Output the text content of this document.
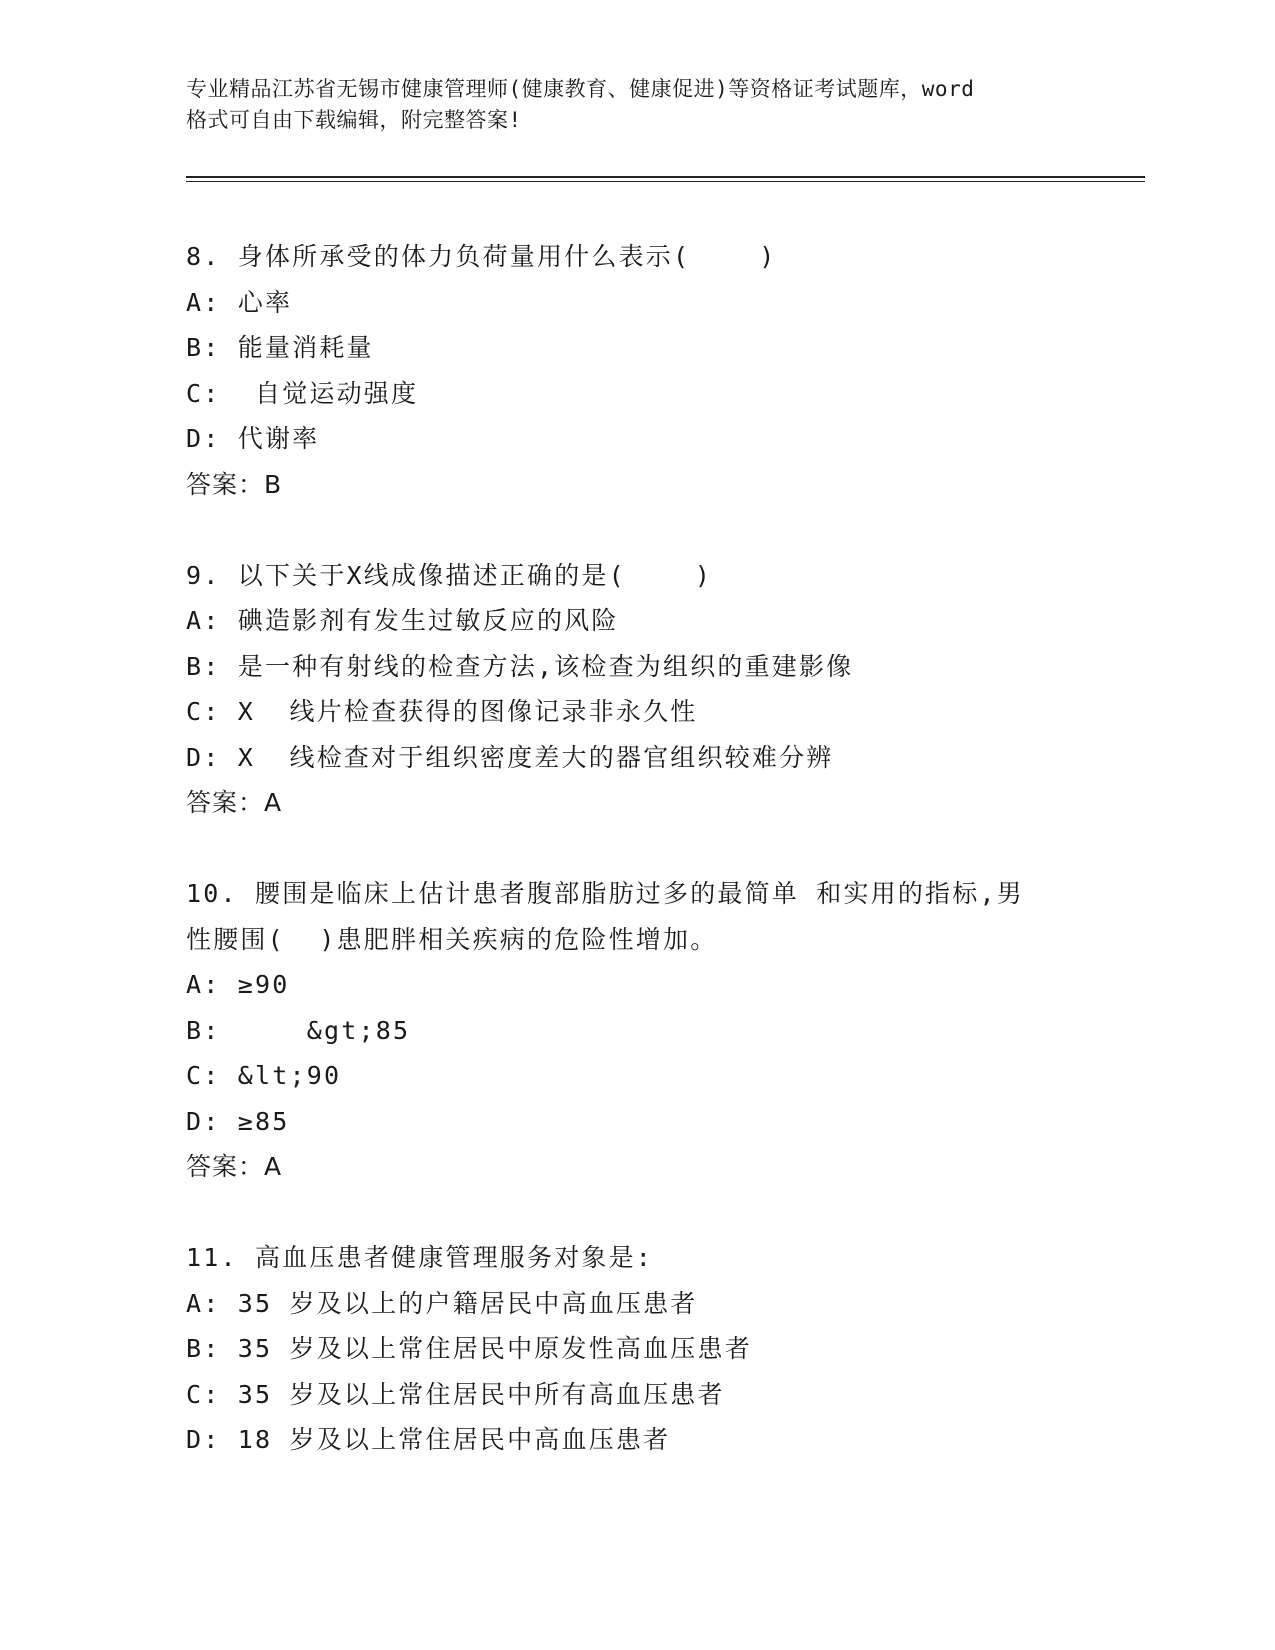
专业精品江苏省无锡市健康管理师(健康教育、健康促进)等资格证考试题库，word
格式可自由下载编辑，附完整答案!
8. 身体所承受的体力负荷量用什么表示(    )
A: 心率
B: 能量消耗量
C:  自觉运动强度
D: 代谢率
答案：B
9. 以下关于X线成像描述正确的是(    )
A: 碘造影剂有发生过敏反应的风险
B: 是一种有射线的检查方法,该检查为组织的重建影像
C: X  线片检查获得的图像记录非永久性
D: X  线检查对于组织密度差大的器官组织较难分辨
答案：A
10. 腰围是临床上估计患者腹部脂肪过多的最简单 和实用的指标,男
性腰围(  )患肥胖相关疾病的危险性增加。
A: ≥90
B:     &gt;85
C: &lt;90
D: ≥85
答案：A
11. 高血压患者健康管理服务对象是:
A: 35 岁及以上的户籍居民中高血压患者
B: 35 岁及以上常住居民中原发性高血压患者
C: 35 岁及以上常住居民中所有高血压患者
D: 18 岁及以上常住居民中高血压患者
